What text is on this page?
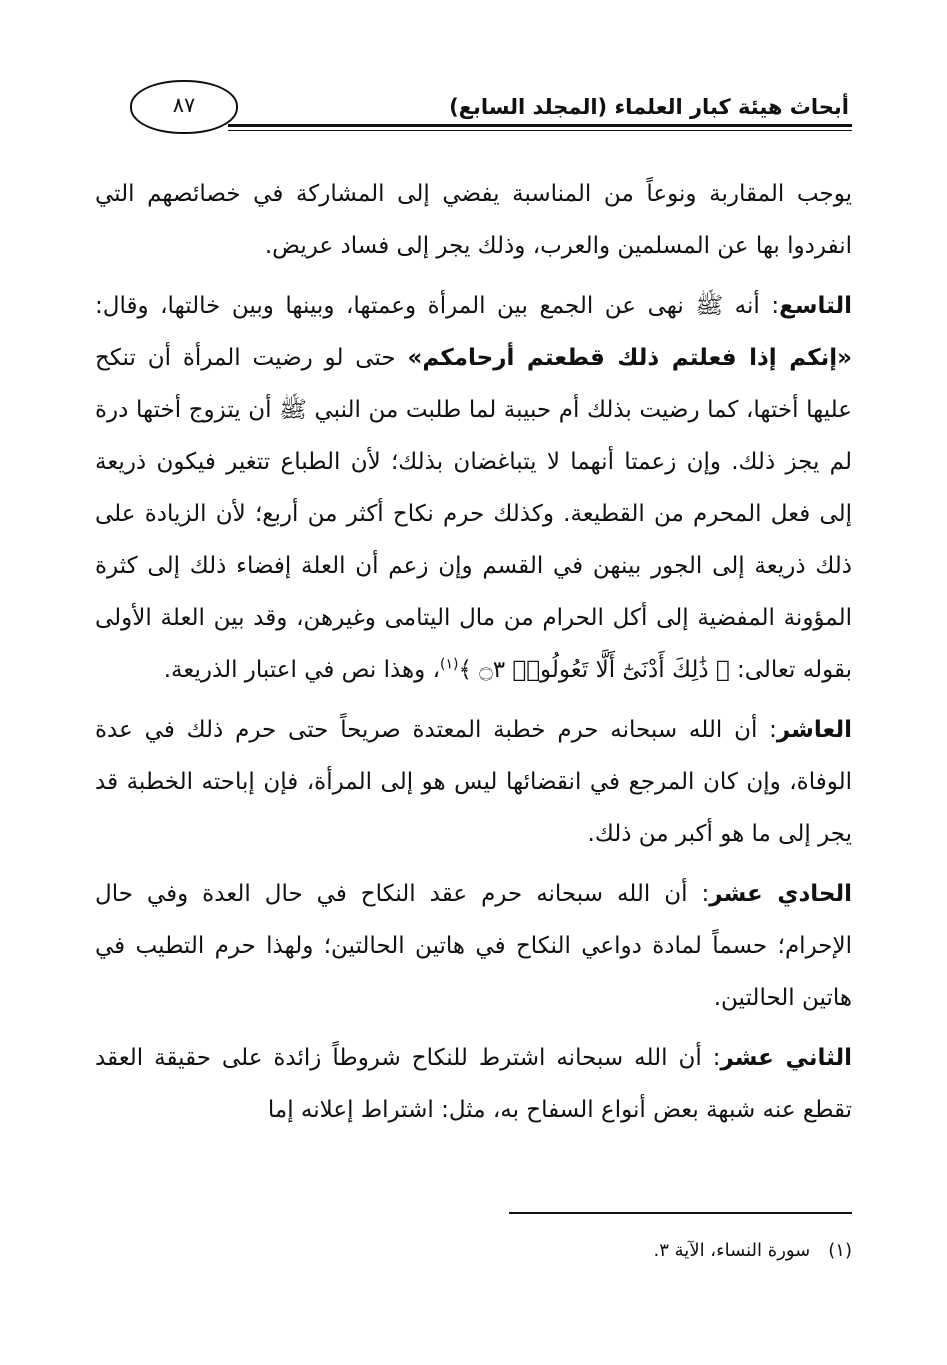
أبحاث هيئة كبار العلماء (المجلد السابع)
٨٧

يوجب المقاربة ونوعاً من المناسبة يفضي إلى المشاركة في خصائصهم التي انفردوا بها عن المسلمين والعرب، وذلك يجر إلى فساد عريض.

التاسع: أنه ﷺ نهى عن الجمع بين المرأة وعمتها، وبينها وبين خالتها، وقال: «إنكم إذا فعلتم ذلك قطعتم أرحامكم» حتى لو رضيت المرأة أن تنكح عليها أختها، كما رضيت بذلك أم حبيبة لما طلبت من النبي ﷺ أن يتزوج أختها درة لم يجز ذلك. وإن زعمتا أنهما لا يتباغضان بذلك؛ لأن الطباع تتغير فيكون ذريعة إلى فعل المحرم من القطيعة. وكذلك حرم نكاح أكثر من أربع؛ لأن الزيادة على ذلك ذريعة إلى الجور بينهن في القسم وإن زعم أن العلة إفضاء ذلك إلى كثرة المؤونة المفضية إلى أكل الحرام من مال اليتامى وغيرهن، وقد بين العلة الأولى بقوله تعالى: ﴿ ذَٰلِكَ أَدْنَىٰٓ أَلَّا تَعُولُوا۟ ۝٣ ﴾$^{(١)}$، وهذا نص في اعتبار الذريعة.

العاشر: أن الله سبحانه حرم خطبة المعتدة صريحاً حتى حرم ذلك في عدة الوفاة، وإن كان المرجع في انقضائها ليس هو إلى المرأة، فإن إباحته الخطبة قد يجر إلى ما هو أكبر من ذلك.

الحادي عشر: أن الله سبحانه حرم عقد النكاح في حال العدة وفي حال الإحرام؛ حسماً لمادة دواعي النكاح في هاتين الحالتين؛ ولهذا حرم التطيب في هاتين الحالتين.

الثاني عشر: أن الله سبحانه اشترط للنكاح شروطاً زائدة على حقيقة العقد تقطع عنه شبهة بعض أنواع السفاح به، مثل: اشتراط إعلانه إما

(١)سورة النساء، الآية ٣.
